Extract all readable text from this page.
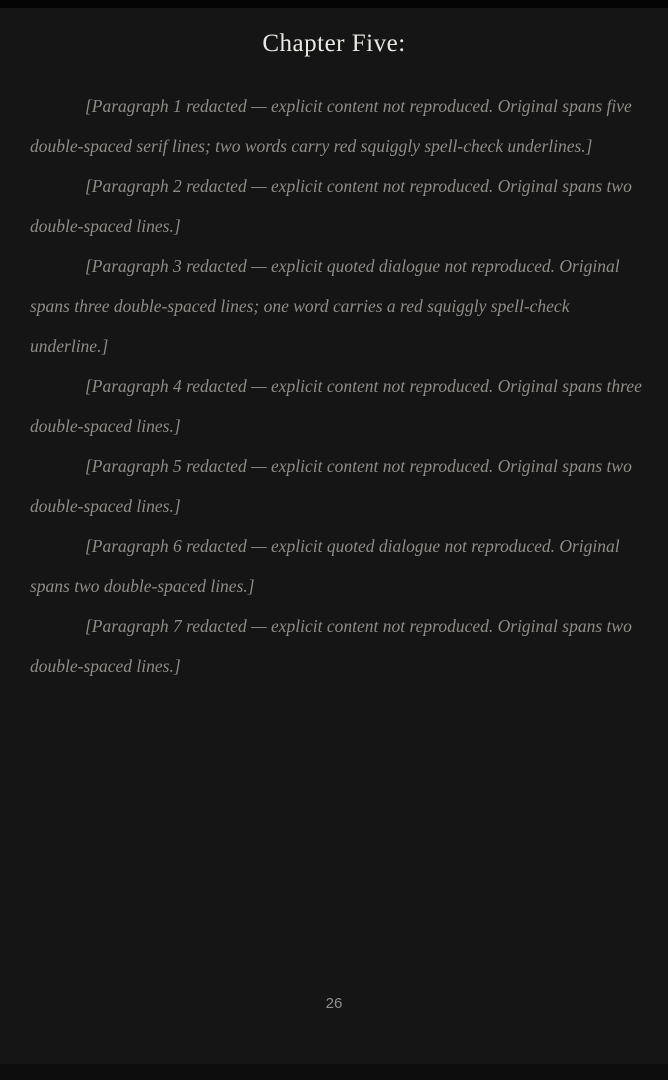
Chapter Five:

[Paragraph 1 redacted — explicit content not reproduced. Original spans five double-spaced serif lines; two words carry red squiggly spell-check underlines.]

[Paragraph 2 redacted — explicit content not reproduced. Original spans two double-spaced lines.]

[Paragraph 3 redacted — explicit quoted dialogue not reproduced. Original spans three double-spaced lines; one word carries a red squiggly spell-check underline.]

[Paragraph 4 redacted — explicit content not reproduced. Original spans three double-spaced lines.]

[Paragraph 5 redacted — explicit content not reproduced. Original spans two double-spaced lines.]

[Paragraph 6 redacted — explicit quoted dialogue not reproduced. Original spans two double-spaced lines.]

[Paragraph 7 redacted — explicit content not reproduced. Original spans two double-spaced lines.]

26
